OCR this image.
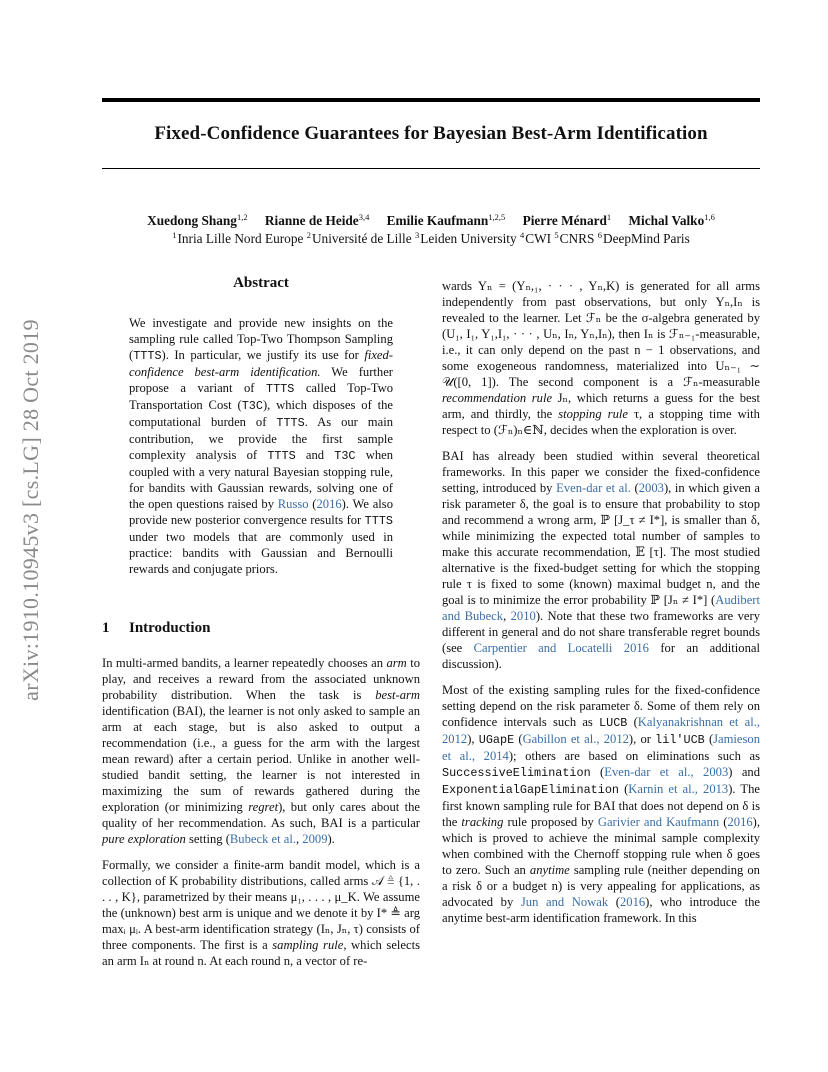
Fixed-Confidence Guarantees for Bayesian Best-Arm Identification
Xuedong Shang$^{1,2}$ Rianne de Heide$^{3,4}$ Emilie Kaufmann$^{1,2,5}$ Pierre Ménard$^1$ Michal Valko$^{1,6}$
$^1$Inria Lille Nord Europe $^2$Université de Lille $^3$Leiden University $^4$CWI $^5$CNRS $^6$DeepMind Paris
arXiv:1910.10945v3 [cs.LG] 28 Oct 2019
Abstract
We investigate and provide new insights on the sampling rule called Top-Two Thompson Sampling (TTTS). In particular, we justify its use for fixed-confidence best-arm identification. We further propose a variant of TTTS called Top-Two Transportation Cost (T3C), which disposes of the computational burden of TTTS. As our main contribution, we provide the first sample complexity analysis of TTTS and T3C when coupled with a very natural Bayesian stopping rule, for bandits with Gaussian rewards, solving one of the open questions raised by Russo (2016). We also provide new posterior convergence results for TTTS under two models that are commonly used in practice: bandits with Gaussian and Bernoulli rewards and conjugate priors.
1 Introduction

In multi-armed bandits, a learner repeatedly chooses an arm to play, and receives a reward from the associated unknown probability distribution. When the task is best-arm identification (BAI), the learner is not only asked to sample an arm at each stage, but is also asked to output a recommendation (i.e., a guess for the arm with the largest mean reward) after a certain period. Unlike in another well-studied bandit setting, the learner is not interested in maximizing the sum of rewards gathered during the exploration (or minimizing regret), but only cares about the quality of her recommendation. As such, BAI is a particular pure exploration setting (Bubeck et al., 2009).

Formally, we consider a finite-arm bandit model, which is a collection of K probability distributions, called arms 𝒜 ≜ {1, . . . , K}, parametrized by their means μ₁, . . . , μ_K. We assume the (unknown) best arm is unique and we denote it by I* ≜ arg maxᵢ μᵢ. A best-arm identification strategy (Iₙ, Jₙ, τ) consists of three components. The first is a sampling rule, which selects an arm Iₙ at round n. At each round n, a vector of re-

wards Yₙ = (Yₙ,₁, · · · , Yₙ,K) is generated for all arms independently from past observations, but only Yₙ,Iₙ is revealed to the learner. Let ℱₙ be the σ-algebra generated by (U₁, I₁, Y₁,I₁, · · · , Uₙ, Iₙ, Yₙ,Iₙ), then Iₙ is ℱₙ₋₁-measurable, i.e., it can only depend on the past n − 1 observations, and some exogeneous randomness, materialized into Uₙ₋₁ ∼ 𝒰([0, 1]). The second component is a ℱₙ-measurable recommendation rule Jₙ, which returns a guess for the best arm, and thirdly, the stopping rule τ, a stopping time with respect to (ℱₙ)ₙ∈ℕ, decides when the exploration is over.

BAI has already been studied within several theoretical frameworks. In this paper we consider the fixed-confidence setting, introduced by Even-dar et al. (2003), in which given a risk parameter δ, the goal is to ensure that probability to stop and recommend a wrong arm, ℙ [J_τ ≠ I*], is smaller than δ, while minimizing the expected total number of samples to make this accurate recommendation, 𝔼 [τ]. The most studied alternative is the fixed-budget setting for which the stopping rule τ is fixed to some (known) maximal budget n, and the goal is to minimize the error probability ℙ [Jₙ ≠ I*] (Audibert and Bubeck, 2010). Note that these two frameworks are very different in general and do not share transferable regret bounds (see Carpentier and Locatelli 2016 for an additional discussion).

Most of the existing sampling rules for the fixed-confidence setting depend on the risk parameter δ. Some of them rely on confidence intervals such as LUCB (Kalyanakrishnan et al., 2012), UGapE (Gabillon et al., 2012), or lil'UCB (Jamieson et al., 2014); others are based on eliminations such as SuccessiveElimination (Even-dar et al., 2003) and ExponentialGapElimination (Karnin et al., 2013). The first known sampling rule for BAI that does not depend on δ is the tracking rule proposed by Garivier and Kaufmann (2016), which is proved to achieve the minimal sample complexity when combined with the Chernoff stopping rule when δ goes to zero. Such an anytime sampling rule (neither depending on a risk δ or a budget n) is very appealing for applications, as advocated by Jun and Nowak (2016), who introduce the anytime best-arm identification framework. In this
